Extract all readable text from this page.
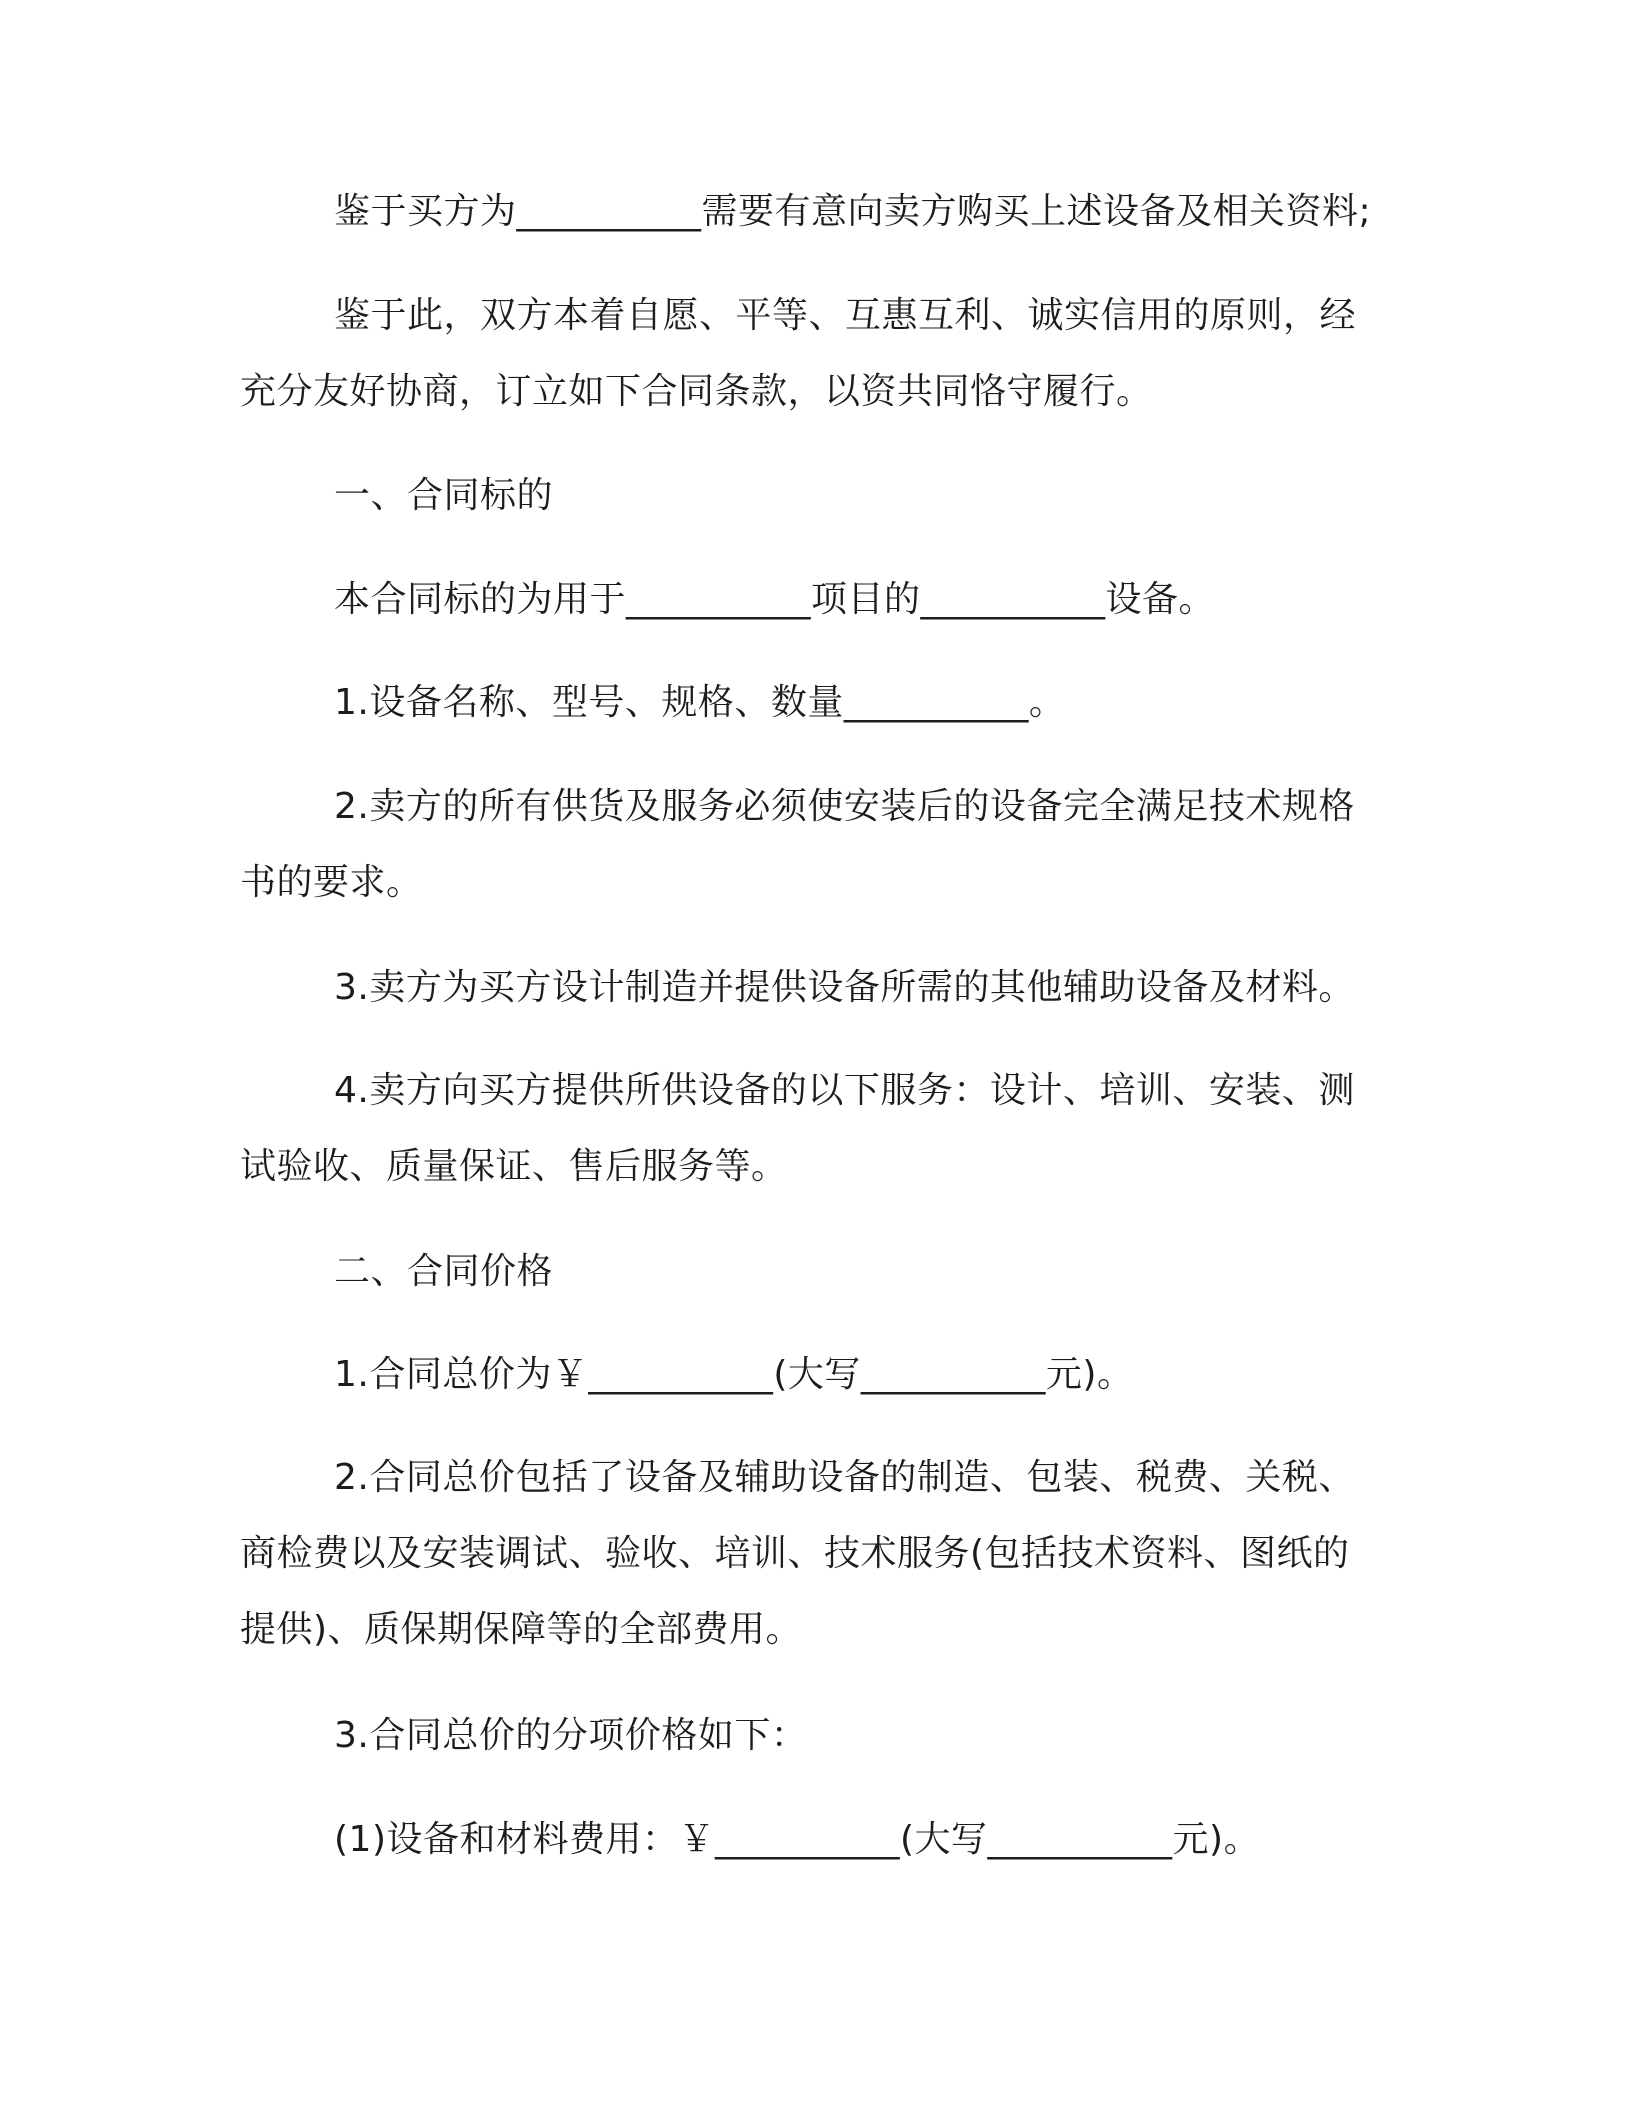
鉴于买方为__________需要有意向卖方购买上述设备及相关资料;

鉴于此，双方本着自愿、平等、互惠互利、诚实信用的原则，经
充分友好协商，订立如下合同条款，以资共同恪守履行。

一、合同标的

本合同标的为用于__________项目的__________设备。

1.设备名称、型号、规格、数量__________。

2.卖方的所有供货及服务必须使安装后的设备完全满足技术规格
书的要求。

3.卖方为买方设计制造并提供设备所需的其他辅助设备及材料。

4.卖方向买方提供所供设备的以下服务：设计、培训、安装、测
试验收、质量保证、售后服务等。

二、合同价格

1.合同总价为￥__________(大写__________元)。

2.合同总价包括了设备及辅助设备的制造、包装、税费、关税、
商检费以及安装调试、验收、培训、技术服务(包括技术资料、图纸的
提供)、质保期保障等的全部费用。

3.合同总价的分项价格如下：

(1)设备和材料费用：￥__________(大写__________元)。
